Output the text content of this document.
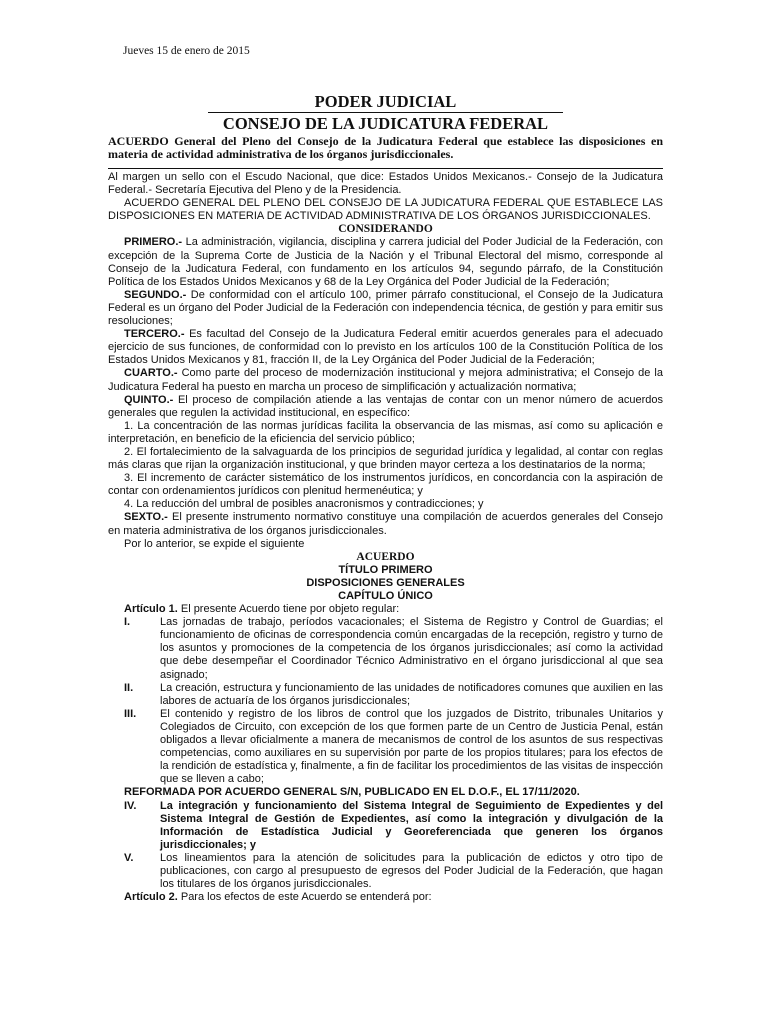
Jueves 15 de enero de 2015
PODER JUDICIAL
CONSEJO DE LA JUDICATURA FEDERAL
ACUERDO General del Pleno del Consejo de la Judicatura Federal que establece las disposiciones en materia de actividad administrativa de los órganos jurisdiccionales.

Al margen un sello con el Escudo Nacional, que dice: Estados Unidos Mexicanos.- Consejo de la Judicatura Federal.- Secretaría Ejecutiva del Pleno y de la Presidencia.

ACUERDO GENERAL DEL PLENO DEL CONSEJO DE LA JUDICATURA FEDERAL QUE ESTABLECE LAS DISPOSICIONES EN MATERIA DE ACTIVIDAD ADMINISTRATIVA DE LOS ÓRGANOS JURISDICCIONALES.

CONSIDERANDO

PRIMERO.- La administración, vigilancia, disciplina y carrera judicial del Poder Judicial de la Federación, con excepción de la Suprema Corte de Justicia de la Nación y el Tribunal Electoral del mismo, corresponde al Consejo de la Judicatura Federal, con fundamento en los artículos 94, segundo párrafo, de la Constitución Política de los Estados Unidos Mexicanos y 68 de la Ley Orgánica del Poder Judicial de la Federación;

SEGUNDO.- De conformidad con el artículo 100, primer párrafo constitucional, el Consejo de la Judicatura Federal es un órgano del Poder Judicial de la Federación con independencia técnica, de gestión y para emitir sus resoluciones;

TERCERO.- Es facultad del Consejo de la Judicatura Federal emitir acuerdos generales para el adecuado ejercicio de sus funciones, de conformidad con lo previsto en los artículos 100 de la Constitución Política de los Estados Unidos Mexicanos y 81, fracción II, de la Ley Orgánica del Poder Judicial de la Federación;

CUARTO.- Como parte del proceso de modernización institucional y mejora administrativa; el Consejo de la Judicatura Federal ha puesto en marcha un proceso de simplificación y actualización normativa;

QUINTO.- El proceso de compilación atiende a las ventajas de contar con un menor número de acuerdos generales que regulen la actividad institucional, en específico:

1. La concentración de las normas jurídicas facilita la observancia de las mismas, así como su aplicación e interpretación, en beneficio de la eficiencia del servicio público;

2. El fortalecimiento de la salvaguarda de los principios de seguridad jurídica y legalidad, al contar con reglas más claras que rijan la organización institucional, y que brinden mayor certeza a los destinatarios de la norma;

3. El incremento de carácter sistemático de los instrumentos jurídicos, en concordancia con la aspiración de contar con ordenamientos jurídicos con plenitud hermenéutica; y

4. La reducción del umbral de posibles anacronismos y contradicciones; y

SEXTO.- El presente instrumento normativo constituye una compilación de acuerdos generales del Consejo en materia administrativa de los órganos jurisdiccionales.

Por lo anterior, se expide el siguiente

ACUERDO

TÍTULO PRIMERO

DISPOSICIONES GENERALES

CAPÍTULO ÚNICO

Artículo 1. El presente Acuerdo tiene por objeto regular:

I.	Las jornadas de trabajo, períodos vacacionales; el Sistema de Registro y Control de Guardias; el funcionamiento de oficinas de correspondencia común encargadas de la recepción, registro y turno de los asuntos y promociones de la competencia de los órganos jurisdiccionales; así como la actividad que debe desempeñar el Coordinador Técnico Administrativo en el órgano jurisdiccional al que sea asignado;
II.	La creación, estructura y funcionamiento de las unidades de notificadores comunes que auxilien en las labores de actuaría de los órganos jurisdiccionales;
III.	El contenido y registro de los libros de control que los juzgados de Distrito, tribunales Unitarios y Colegiados de Circuito, con excepción de los que formen parte de un Centro de Justicia Penal, están obligados a llevar oficialmente a manera de mecanismos de control de los asuntos de sus respectivas competencias, como auxiliares en su supervisión por parte de los propios titulares; para los efectos de la rendición de estadística y, finalmente, a fin de facilitar los procedimientos de las visitas de inspección que se lleven a cabo;

REFORMADA POR ACUERDO GENERAL S/N, PUBLICADO EN EL D.O.F., EL 17/11/2020.

IV.	La integración y funcionamiento del Sistema Integral de Seguimiento de Expedientes y del Sistema Integral de Gestión de Expedientes, así como la integración y divulgación de la Información de Estadística Judicial y Georeferenciada que generen los órganos jurisdiccionales; y
V.	Los lineamientos para la atención de solicitudes para la publicación de edictos y otro tipo de publicaciones, con cargo al presupuesto de egresos del Poder Judicial de la Federación, que hagan los titulares de los órganos jurisdiccionales.

Artículo 2. Para los efectos de este Acuerdo se entenderá por:
